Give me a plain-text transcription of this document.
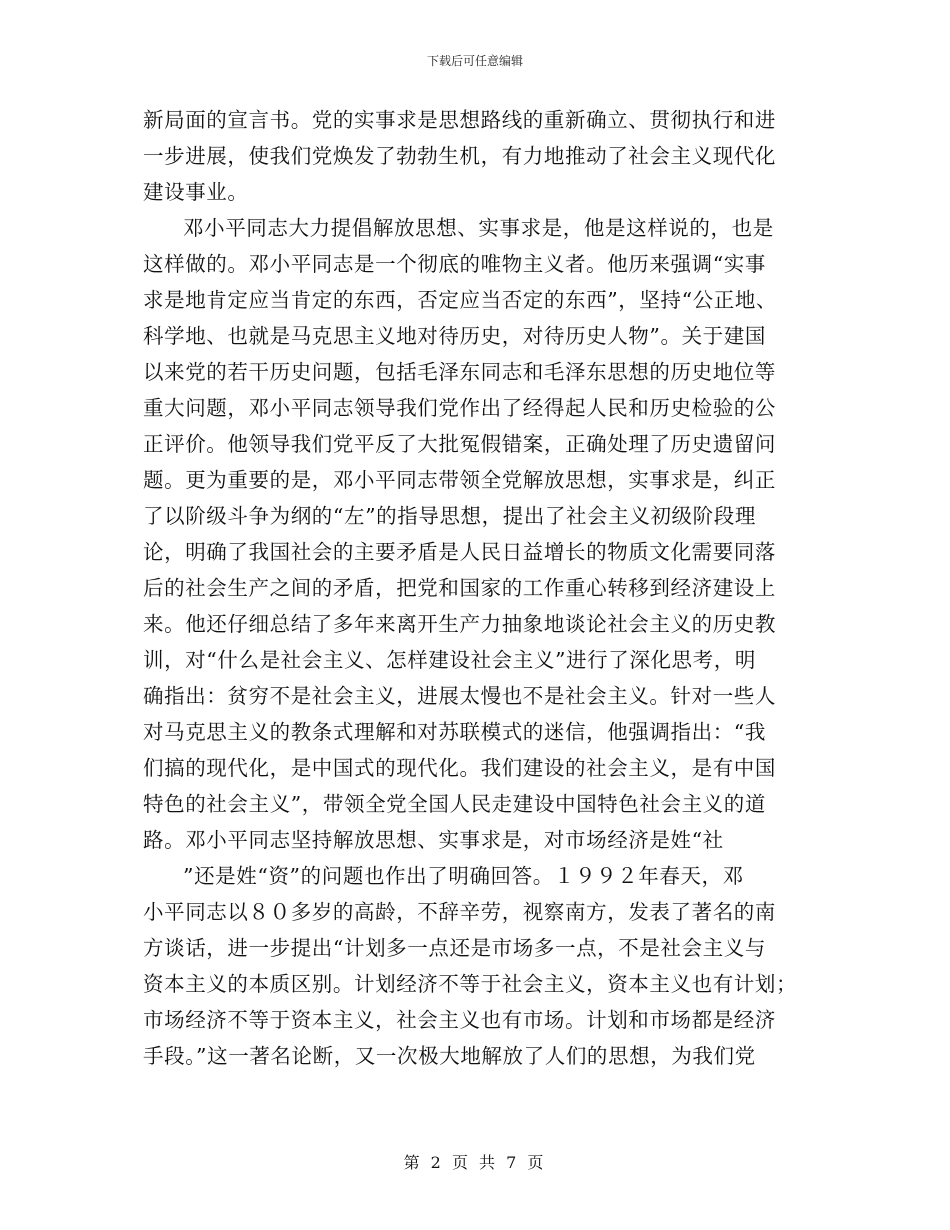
下载后可任意编辑
新局面的宣言书。党的实事求是思想路线的重新确立、贯彻执行和进
一步进展，使我们党焕发了勃勃生机，有力地推动了社会主义现代化
建设事业。
邓小平同志大力提倡解放思想、实事求是，他是这样说的，也是
这样做的。邓小平同志是一个彻底的唯物主义者。他历来强调“实事
求是地肯定应当肯定的东西，否定应当否定的东西”，坚持“公正地、
科学地、也就是马克思主义地对待历史，对待历史人物”。关于建国
以来党的若干历史问题，包括毛泽东同志和毛泽东思想的历史地位等
重大问题，邓小平同志领导我们党作出了经得起人民和历史检验的公
正评价。他领导我们党平反了大批冤假错案，正确处理了历史遗留问
题。更为重要的是，邓小平同志带领全党解放思想，实事求是，纠正
了以阶级斗争为纲的“左”的指导思想，提出了社会主义初级阶段理
论，明确了我国社会的主要矛盾是人民日益增长的物质文化需要同落
后的社会生产之间的矛盾，把党和国家的工作重心转移到经济建设上
来。他还仔细总结了多年来离开生产力抽象地谈论社会主义的历史教
训，对“什么是社会主义、怎样建设社会主义”进行了深化思考，明
确指出：贫穷不是社会主义，进展太慢也不是社会主义。针对一些人
对马克思主义的教条式理解和对苏联模式的迷信，他强调指出：“我
们搞的现代化，是中国式的现代化。我们建设的社会主义，是有中国
特色的社会主义”，带领全党全国人民走建设中国特色社会主义的道
路。邓小平同志坚持解放思想、实事求是，对市场经济是姓“社
”还是姓“资”的问题也作出了明确回答。１９９２年春天，邓
小平同志以８０多岁的高龄，不辞辛劳，视察南方，发表了著名的南
方谈话，进一步提出“计划多一点还是市场多一点，不是社会主义与
资本主义的本质区别。计划经济不等于社会主义，资本主义也有计划；
市场经济不等于资本主义，社会主义也有市场。计划和市场都是经济
手段。”这一著名论断，又一次极大地解放了人们的思想，为我们党
第 2 页 共 7 页
